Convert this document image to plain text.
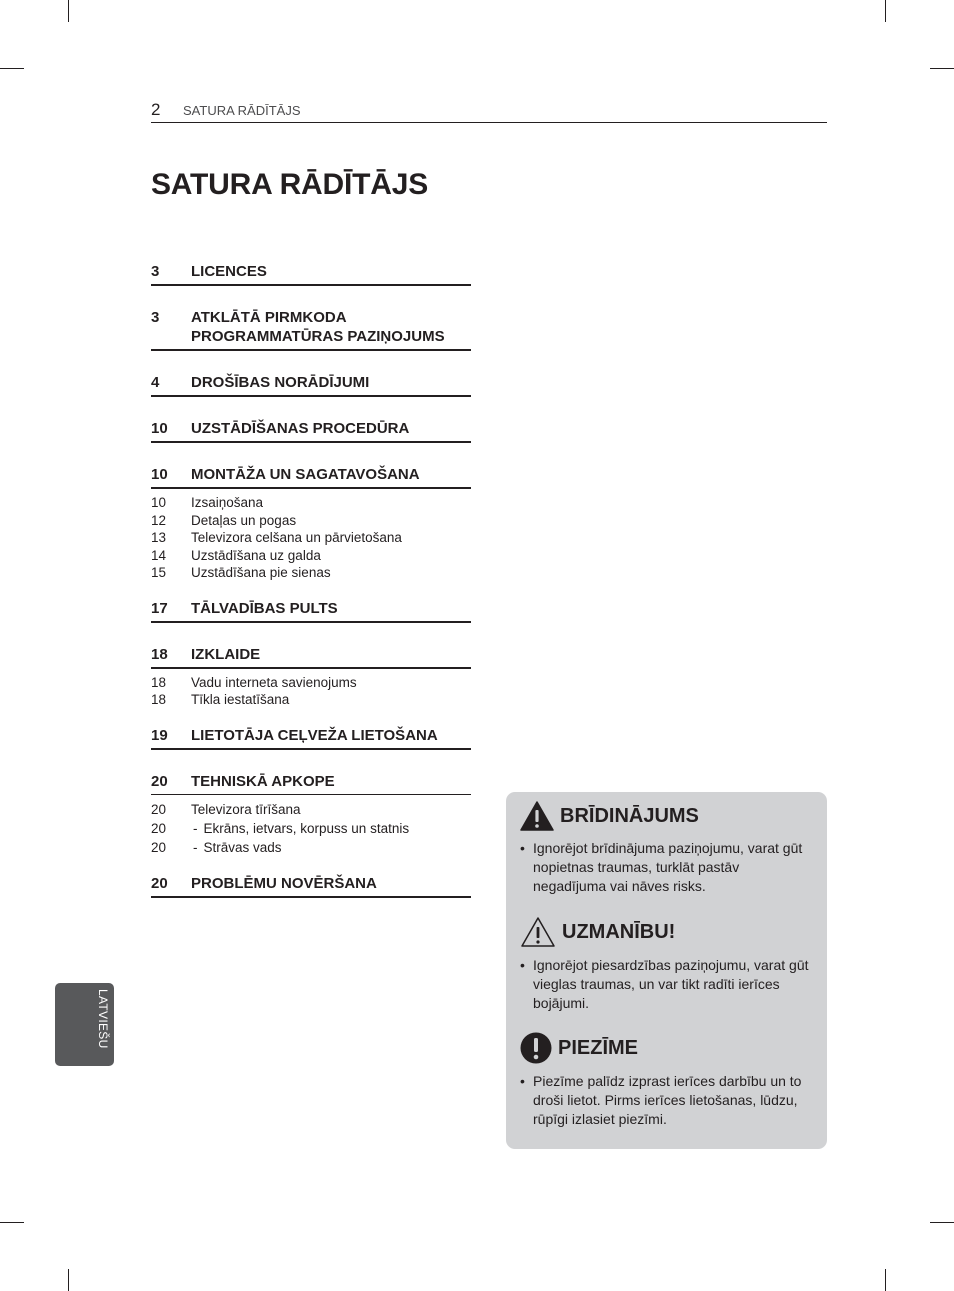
2 SATURA RĀDĪTĀJS
SATURA RĀDĪTĀJS
3	LICENCES
3	ATKLĀTĀ PIRMKODA
PROGRAMMATŪRAS PAZIŅOJUMS
4	DROŠĪBAS NORĀDĪJUMI
10	UZSTĀDĪŠANAS PROCEDŪRA
10	MONTĀŽA UN SAGATAVOŠANA
10	Izsaiņošana
12	Detaļas un pogas
13	Televizora celšana un pārvietošana
14	Uzstādīšana uz galda
15	Uzstādīšana pie sienas
17	TĀLVADĪBAS PULTS
18	IZKLAIDE
18	Vadu interneta savienojums
18	Tīkla iestatīšana
19	LIETOTĀJA CEĻVEŽA LIETOŠANA
20	TEHNISKĀ APKOPE
20	Televizora tīrīšana
20	- Ekrāns, ietvars, korpuss un statnis
20	- Strāvas vads
20	PROBLĒMU NOVĒRŠANA
BRĪDINĀJUMS
• Ignorējot brīdinājuma paziņojumu, varat gūt nopietnas traumas, turklāt pastāv negadījuma vai nāves risks.
UZMANĪBU!
• Ignorējot piesardzības paziņojumu, varat gūt vieglas traumas, un var tikt radīti ierīces bojājumi.
PIEZĪME
• Piezīme palīdz izprast ierīces darbību un to droši lietot. Pirms ierīces lietošanas, lūdzu, rūpīgi izlasiet piezīmi.
LATVIEŠU
